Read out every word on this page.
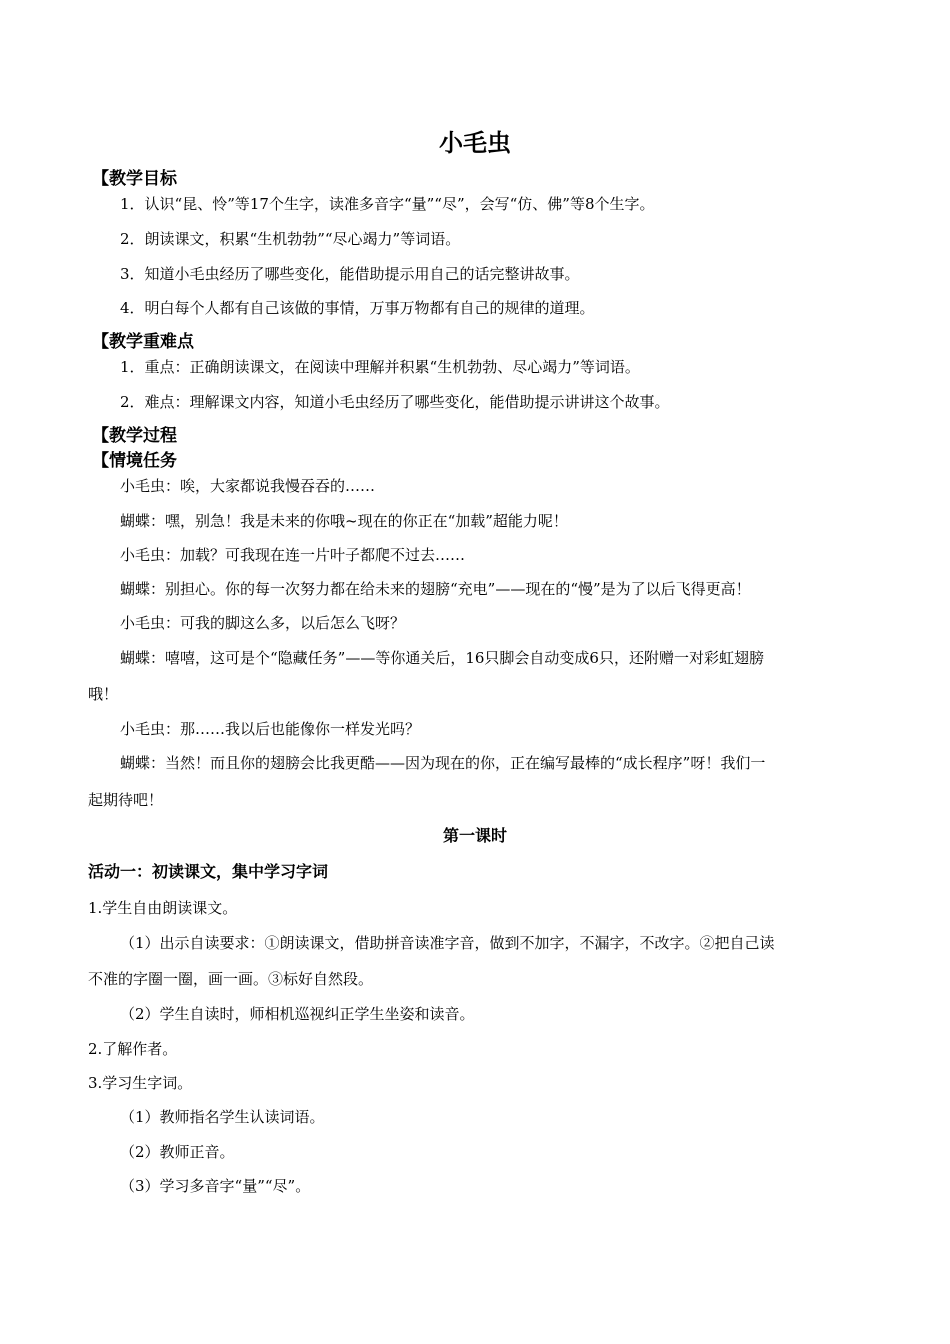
小毛虫
【教学目标
1．认识“昆、怜”等17个生字，读准多音字“量”“尽”，会写“仿、佛”等8个生字。
2．朗读课文，积累“生机勃勃”“尽心竭力”等词语。
3．知道小毛虫经历了哪些变化，能借助提示用自己的话完整讲故事。
4．明白每个人都有自己该做的事情，万事万物都有自己的规律的道理。
【教学重难点
1．重点：正确朗读课文，在阅读中理解并积累“生机勃勃、尽心竭力”等词语。
2．难点：理解课文内容，知道小毛虫经历了哪些变化，能借助提示讲讲这个故事。
【教学过程
【情境任务
小毛虫：唉，大家都说我慢吞吞的……
蝴蝶：嘿，别急！我是未来的你哦~现在的你正在“加载”超能力呢！
小毛虫：加载？可我现在连一片叶子都爬不过去……
蝴蝶：别担心。你的每一次努力都在给未来的翅膀“充电”——现在的“慢”是为了以后飞得更高！
小毛虫：可我的脚这么多，以后怎么飞呀？
蝴蝶：嘻嘻，这可是个“隐藏任务”——等你通关后，16只脚会自动变成6只，还附赠一对彩虹翅膀
哦！
小毛虫：那……我以后也能像你一样发光吗？
蝴蝶：当然！而且你的翅膀会比我更酷——因为现在的你，正在编写最棒的“成长程序”呀！我们一
起期待吧！
第一课时
活动一：初读课文，集中学习字词
1.学生自由朗读课文。
（1）出示自读要求：①朗读课文，借助拼音读准字音，做到不加字，不漏字，不改字。②把自己读
不准的字圈一圈，画一画。③标好自然段。
（2）学生自读时，师相机巡视纠正学生坐姿和读音。
2.了解作者。
3.学习生字词。
（1）教师指名学生认读词语。
（2）教师正音。
（3）学习多音字“量”“尽”。
